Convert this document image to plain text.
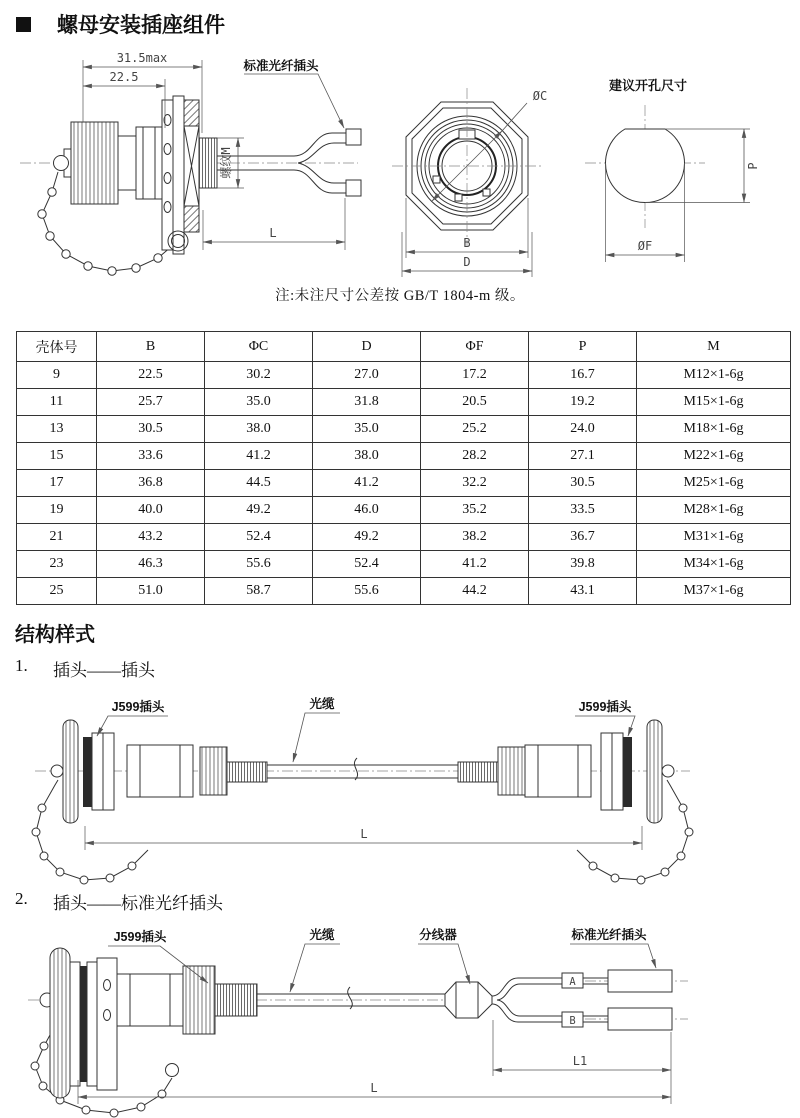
螺母安装插座组件
31.5max
22.5
螺纹M
L
标准光纤插头
ØC
B
D
建议开孔尺寸
P
ØF
注:未注尺寸公差按 GB/T 1804-m 级。
壳体号	B	ΦC	D	ΦF	P	M
9	22.5	30.2	27.0	17.2	16.7	M12×1-6g
11	25.7	35.0	31.8	20.5	19.2	M15×1-6g
13	30.5	38.0	35.0	25.2	24.0	M18×1-6g
15	33.6	41.2	38.0	28.2	27.1	M22×1-6g
17	36.8	44.5	41.2	32.2	30.5	M25×1-6g
19	40.0	49.2	46.0	35.2	33.5	M28×1-6g
21	43.2	52.4	49.2	38.2	36.7	M31×1-6g
23	46.3	55.6	52.4	41.2	39.8	M34×1-6g
25	51.0	58.7	55.6	44.2	43.1	M37×1-6g
结构样式
1.	插头——插头
J599插头	光缆	J599插头
L
2.	插头——标准光纤插头
A
B
J599插头	光缆	分线器	标准光纤插头
L1
L
